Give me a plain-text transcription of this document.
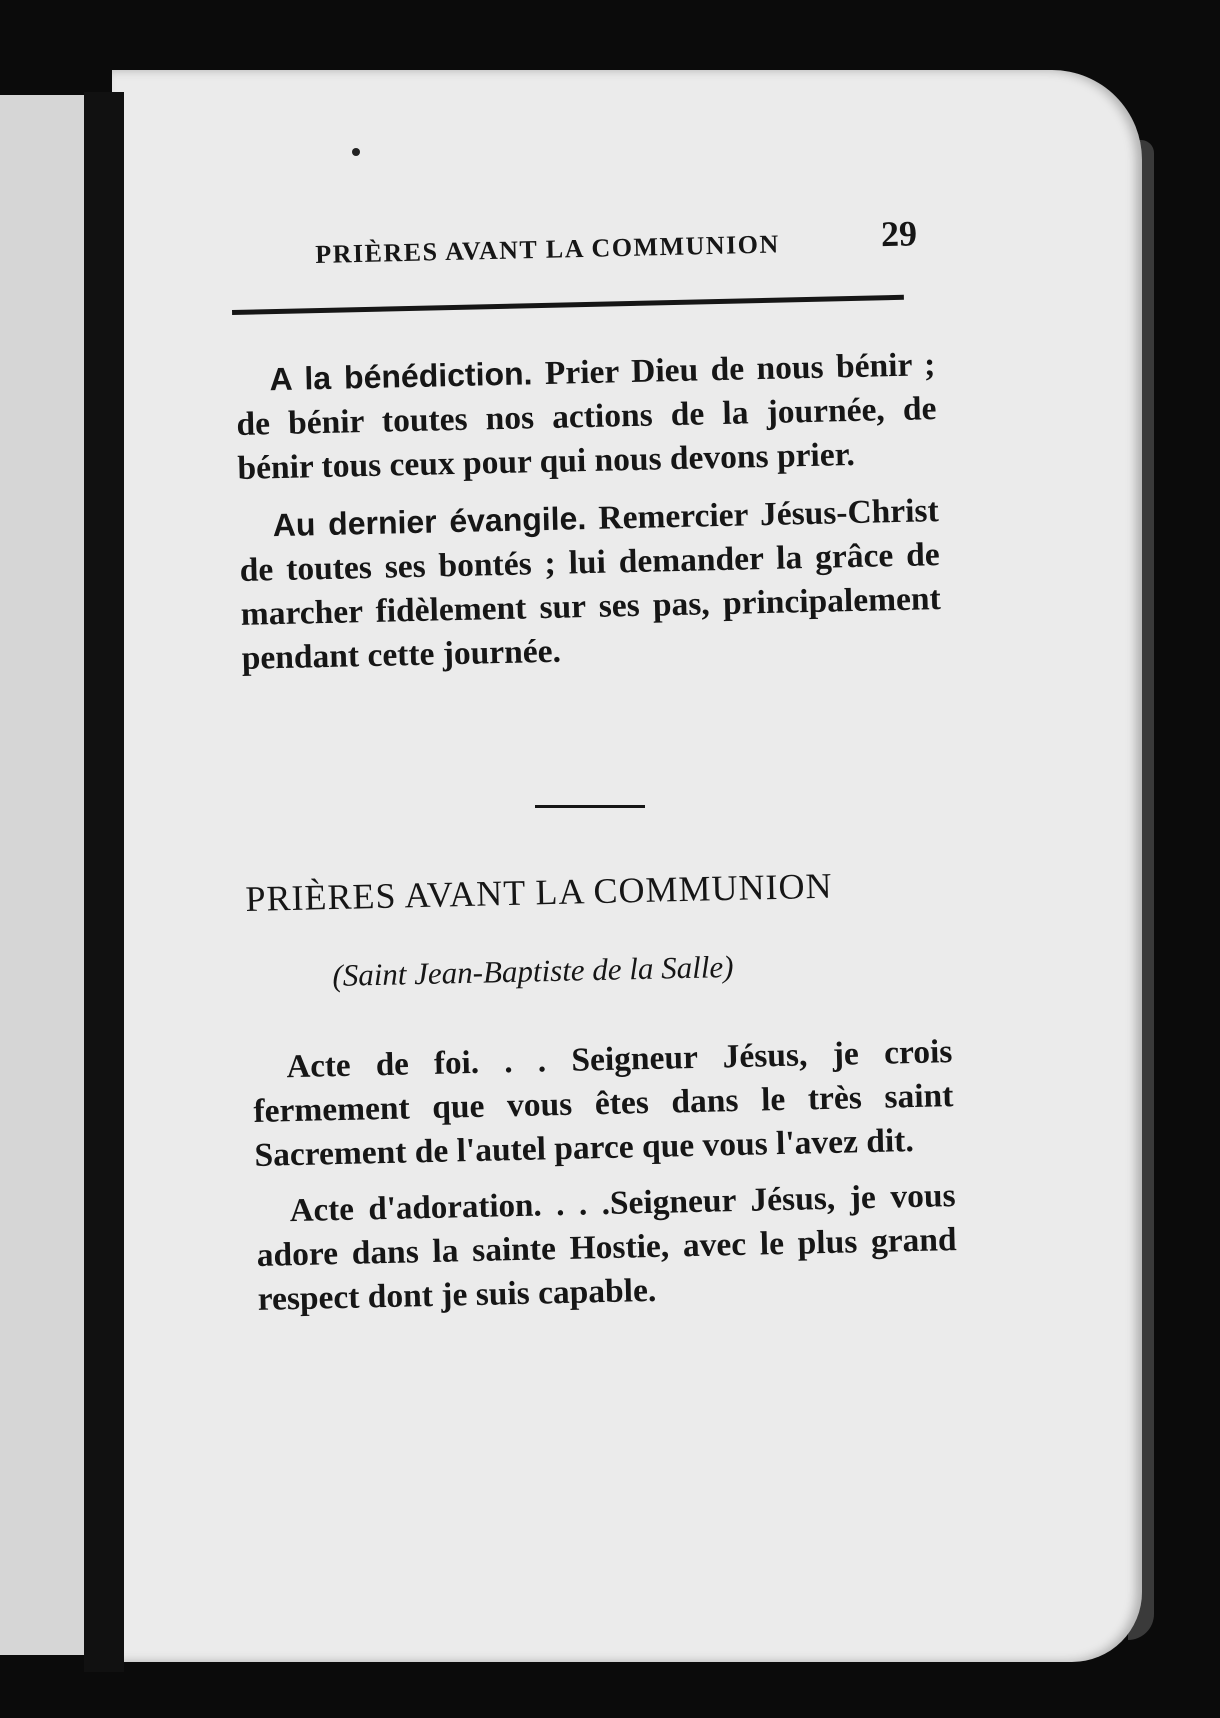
PRIÈRES AVANT LA COMMUNION	29

A la bénédiction. Prier Dieu de nous bénir ; de bénir toutes nos actions de la journée, de bénir tous ceux pour qui nous devons prier.

Au dernier évangile. Remercier Jésus-Christ de toutes ses bontés ; lui demander la grâce de marcher fidèlement sur ses pas, principalement pendant cette journée.

PRIÈRES AVANT LA COMMUNION
(Saint Jean-Baptiste de la Salle)

Acte de foi. . . Seigneur Jésus, je crois fermement que vous êtes dans le très saint Sacrement de l'autel parce que vous l'avez dit.

Acte d'adoration. . . .Seigneur Jésus, je vous adore dans la sainte Hostie, avec le plus grand respect dont je suis capable.
